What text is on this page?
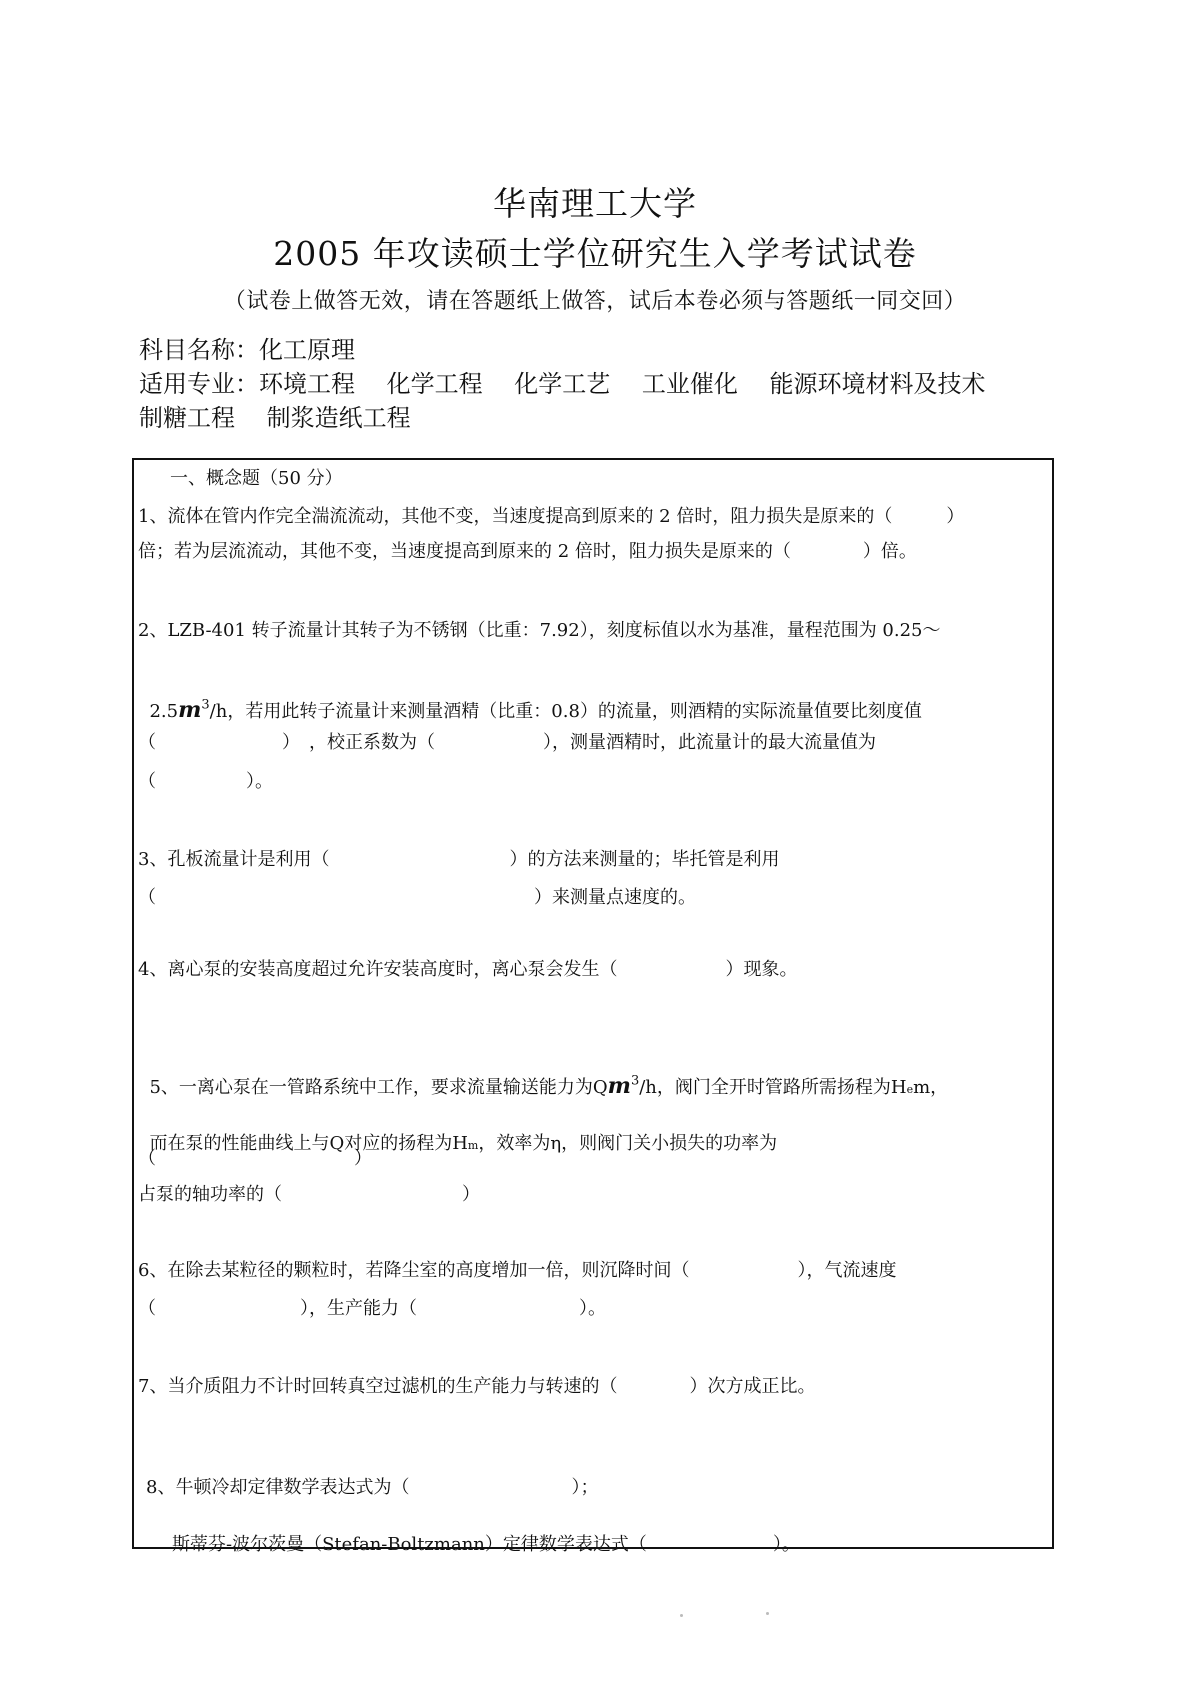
华南理工大学
2005 年攻读硕士学位研究生入学考试试卷
（试卷上做答无效，请在答题纸上做答，试后本卷必须与答题纸一同交回）
科目名称：化工原理
适用专业：环境工程　 化学工程　 化学工艺　 工业催化　 能源环境材料及技术
制糖工程　 制浆造纸工程
一、概念题（50 分）
1、流体在管内作完全湍流流动，其他不变，当速度提高到原来的 2 倍时，阻力损失是原来的（　　　）
倍；若为层流流动，其他不变，当速度提高到原来的 2 倍时，阻力损失是原来的（　　　　）倍。
2、LZB-401 转子流量计其转子为不锈钢（比重：7.92），刻度标值以水为基准，量程范围为 0.25～

$2.5m^3/h$，若用此转子流量计来测量酒精（比重：0.8）的流量，则酒精的实际流量值要比刻度值

（　　　　　　　）　，校正系数为（　　　　　　），测量酒精时，此流量计的最大流量值为
（　　　　　）。
3、孔板流量计是利用（　　　　　　　　　　）的方法来测量的；毕托管是利用
（　　　　　　　　　　　　　　　　　　　　　）来测量点速度的。
4、离心泵的安装高度超过允许安装高度时，离心泵会发生（　　　　　　）现象。

5、一离心泵在一管路系统中工作，要求流量输送能力为Qm$^3$/h，阀门全开时管路所需扬程为Hem，

而在泵的性能曲线上与Q对应的扬程为Hm，效率为η，则阀门关小损失的功率为

（　　　　　　　　　　　）
占泵的轴功率的（　　　　　　　　　　）
6、在除去某粒径的颗粒时，若降尘室的高度增加一倍，则沉降时间（　　　　　　），气流速度
（　　　　　　　　），生产能力（　　　　　　　　　）。
7、当介质阻力不计时回转真空过滤机的生产能力与转速的（　　　　）次方成正比。
8、牛顿冷却定律数学表达式为（　　　　　　　　　）；
斯蒂芬-波尔茨曼（Stefan-Boltzmann）定律数学表达式（　　　　　　　）。
